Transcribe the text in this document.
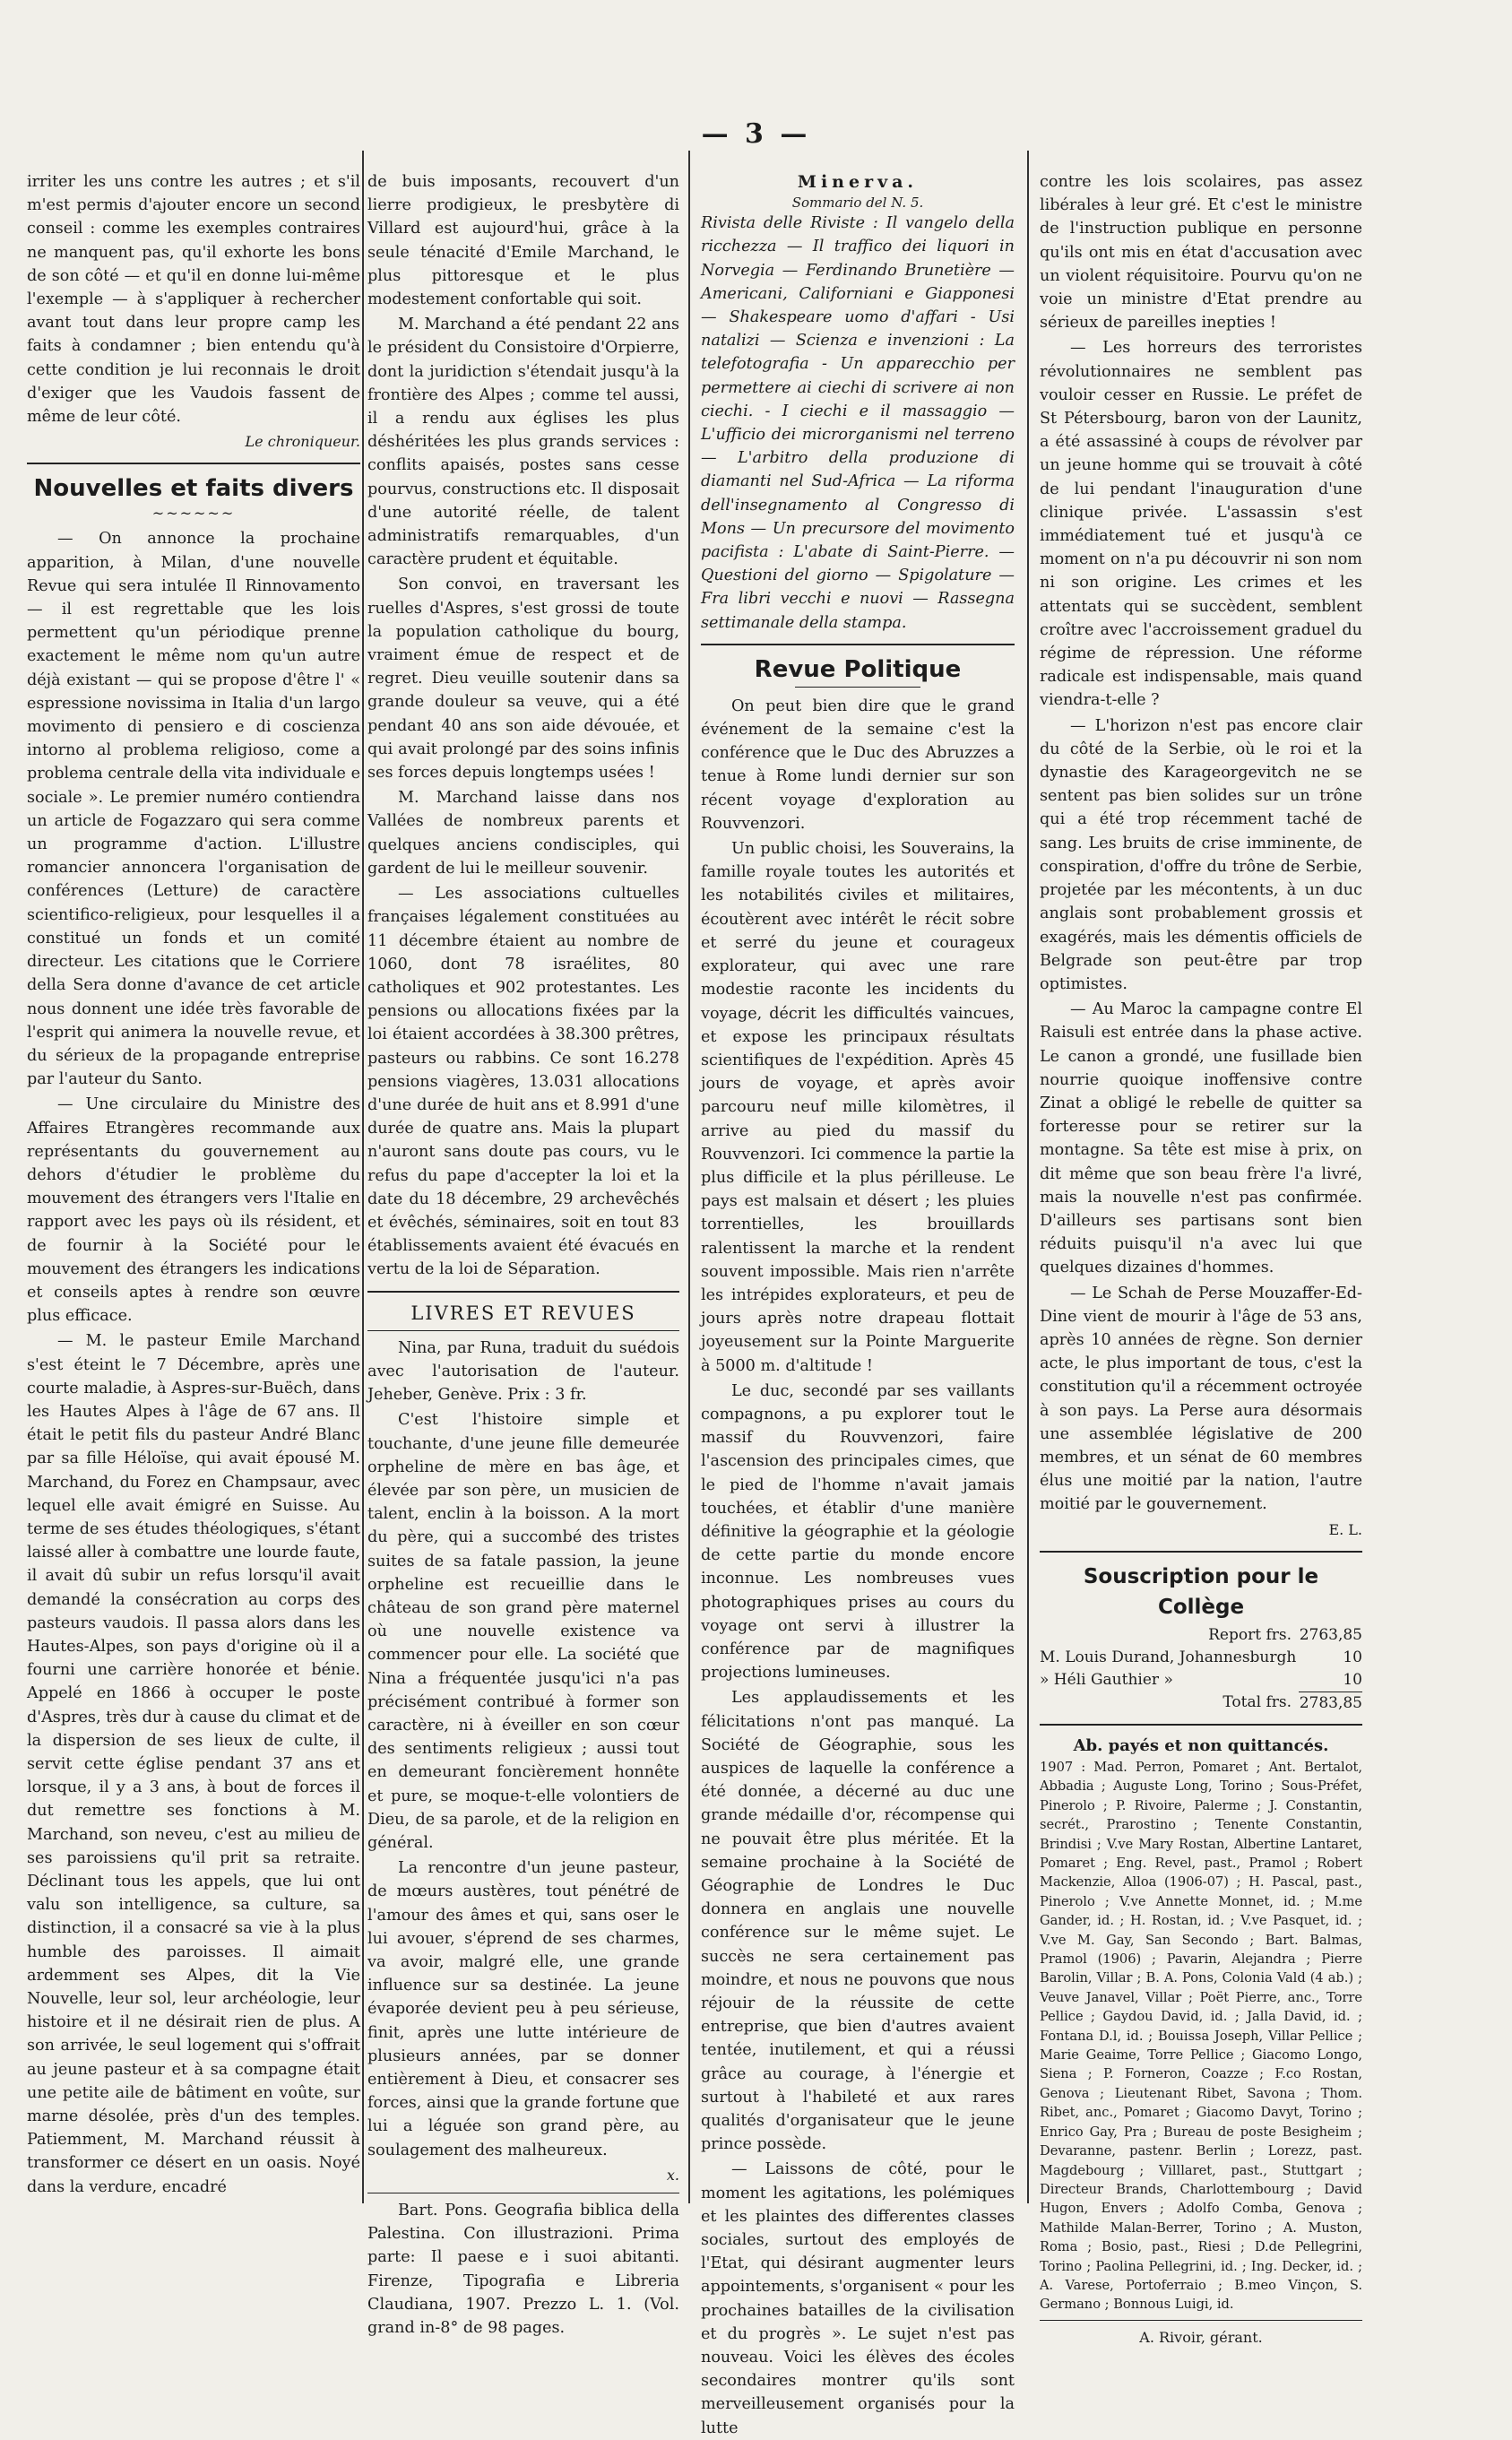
— 3 —

irriter les uns contre les autres ; et s'il m'est permis d'ajouter encore un second conseil : comme les exemples contraires ne manquent pas, qu'il exhorte les bons de son côté — et qu'il en donne lui-même l'exemple — à s'appliquer à rechercher avant tout dans leur propre camp les faits à condamner ; bien entendu qu'à cette condition je lui reconnais le droit d'exiger que les Vaudois fassent de même de leur côté.

Le chroniqueur.
Nouvelles et faits divers
~~~~~~

— On annonce la prochaine apparition, à Milan, d'une nouvelle Revue qui sera intulée Il Rinnovamento — il est regrettable que les lois permettent qu'un périodique prenne exactement le même nom qu'un autre déjà existant — qui se propose d'être l' « espressione novissima in Italia d'un largo movimento di pensiero e di coscienza intorno al problema religioso, come a problema centrale della vita individuale e sociale ». Le premier numéro contiendra un article de Fogazzaro qui sera comme un programme d'action. L'illustre romancier annoncera l'organisation de conférences (Letture) de caractère scientifico-religieux, pour lesquelles il a constitué un fonds et un comité directeur. Les citations que le Corriere della Sera donne d'avance de cet article nous donnent une idée très favorable de l'esprit qui animera la nouvelle revue, et du sérieux de la propagande entreprise par l'auteur du Santo.

— Une circulaire du Ministre des Affaires Etrangères recommande aux représentants du gouvernement au dehors d'étudier le problème du mouvement des étrangers vers l'Italie en rapport avec les pays où ils résident, et de fournir à la Société pour le mouvement des étrangers les indications et conseils aptes à rendre son œuvre plus efficace.

— M. le pasteur Emile Marchand s'est éteint le 7 Décembre, après une courte maladie, à Aspres-sur-Buëch, dans les Hautes Alpes à l'âge de 67 ans. Il était le petit fils du pasteur André Blanc par sa fille Héloïse, qui avait épousé M. Marchand, du Forez en Champsaur, avec lequel elle avait émigré en Suisse. Au terme de ses études théologiques, s'étant laissé aller à combattre une lourde faute, il avait dû subir un refus lorsqu'il avait demandé la consécration au corps des pasteurs vaudois. Il passa alors dans les Hautes-Alpes, son pays d'origine où il a fourni une carrière honorée et bénie. Appelé en 1866 à occuper le poste d'Aspres, très dur à cause du climat et de la dispersion de ses lieux de culte, il servit cette église pendant 37 ans et lorsque, il y a 3 ans, à bout de forces il dut remettre ses fonctions à M. Marchand, son neveu, c'est au milieu de ses paroissiens qu'il prit sa retraite. Déclinant tous les appels, que lui ont valu son intelligence, sa culture, sa distinction, il a consacré sa vie à la plus humble des paroisses. Il aimait ardemment ses Alpes, dit la Vie Nouvelle, leur sol, leur archéologie, leur histoire et il ne désirait rien de plus. A son arrivée, le seul logement qui s'offrait au jeune pasteur et à sa compagne était une petite aile de bâtiment en voûte, sur marne désolée, près d'un des temples. Patiemment, M. Marchand réussit à transformer ce désert en un oasis. Noyé dans la verdure, encadré

de buis imposants, recouvert d'un lierre prodigieux, le presbytère di Villard est aujourd'hui, grâce à la seule ténacité d'Emile Marchand, le plus pittoresque et le plus modestement confortable qui soit.

M. Marchand a été pendant 22 ans le président du Consistoire d'Orpierre, dont la juridiction s'étendait jusqu'à la frontière des Alpes ; comme tel aussi, il a rendu aux églises les plus déshéritées les plus grands services : conflits apaisés, postes sans cesse pourvus, constructions etc. Il disposait d'une autorité réelle, de talent administratifs remarquables, d'un caractère prudent et équitable.

Son convoi, en traversant les ruelles d'Aspres, s'est grossi de toute la population catholique du bourg, vraiment émue de respect et de regret. Dieu veuille soutenir dans sa grande douleur sa veuve, qui a été pendant 40 ans son aide dévouée, et qui avait prolongé par des soins infinis ses forces depuis longtemps usées !

M. Marchand laisse dans nos Vallées de nombreux parents et quelques anciens condisciples, qui gardent de lui le meilleur souvenir.

— Les associations cultuelles françaises légalement constituées au 11 décembre étaient au nombre de 1060, dont 78 israélites, 80 catholiques et 902 protestantes. Les pensions ou allocations fixées par la loi étaient accordées à 38.300 prêtres, pasteurs ou rabbins. Ce sont 16.278 pensions viagères, 13.031 allocations d'une durée de huit ans et 8.991 d'une durée de quatre ans. Mais la plupart n'auront sans doute pas cours, vu le refus du pape d'accepter la loi et la date du 18 décembre, 29 archevêchés et évêchés, séminaires, soit en tout 83 établissements avaient été évacués en vertu de la loi de Séparation.

LIVRES ET REVUES

Nina, par Runa, traduit du suédois avec l'autorisation de l'auteur. Jeheber, Genève. Prix : 3 fr.

C'est l'histoire simple et touchante, d'une jeune fille demeurée orpheline de mère en bas âge, et élevée par son père, un musicien de talent, enclin à la boisson. A la mort du père, qui a succombé des tristes suites de sa fatale passion, la jeune orpheline est recueillie dans le château de son grand père maternel où une nouvelle existence va commencer pour elle. La société que Nina a fréquentée jusqu'ici n'a pas précisément contribué à former son caractère, ni à éveiller en son cœur des sentiments religieux ; aussi tout en demeurant foncièrement honnête et pure, se moque-t-elle volontiers de Dieu, de sa parole, et de la religion en général.

La rencontre d'un jeune pasteur, de mœurs austères, tout pénétré de l'amour des âmes et qui, sans oser le lui avouer, s'éprend de ses charmes, va avoir, malgré elle, une grande influence sur sa destinée. La jeune évaporée devient peu à peu sérieuse, finit, après une lutte intérieure de plusieurs années, par se donner entièrement à Dieu, et consacrer ses forces, ainsi que la grande fortune que lui a léguée son grand père, au soulagement des malheureux.

x.

Bart. Pons. Geografia biblica della Palestina. Con illustrazioni. Prima parte: Il paese e i suoi abitanti. Firenze, Tipografia e Libreria Claudiana, 1907. Prezzo L. 1. (Vol. grand in-8° de 98 pages.

Minerva.
Sommario del N. 5.

Rivista delle Riviste : Il vangelo della ricchezza — Il traffico dei liquori in Norvegia — Ferdinando Brunetière — Americani, Californiani e Giapponesi — Shakespeare uomo d'affari - Usi natalizi — Scienza e invenzioni : La telefotografia - Un apparecchio per permettere ai ciechi di scrivere ai non ciechi. - I ciechi e il massaggio — L'ufficio dei microrganismi nel terreno — L'arbitro della produzione di diamanti nel Sud-Africa — La riforma dell'insegnamento al Congresso di Mons — Un precursore del movimento pacifista : L'abate di Saint-Pierre. — Questioni del giorno — Spigolature — Fra libri vecchi e nuovi — Rassegna settimanale della stampa.

Revue Politique

On peut bien dire que le grand événement de la semaine c'est la conférence que le Duc des Abruzzes a tenue à Rome lundi dernier sur son récent voyage d'exploration au Rouvvenzori.

Un public choisi, les Souverains, la famille royale toutes les autorités et les notabilités civiles et militaires, écoutèrent avec intérêt le récit sobre et serré du jeune et courageux explorateur, qui avec une rare modestie raconte les incidents du voyage, décrit les difficultés vaincues, et expose les principaux résultats scientifiques de l'expédition. Après 45 jours de voyage, et après avoir parcouru neuf mille kilomètres, il arrive au pied du massif du Rouvvenzori. Ici commence la partie la plus difficile et la plus périlleuse. Le pays est malsain et désert ; les pluies torrentielles, les brouillards ralentissent la marche et la rendent souvent impossible. Mais rien n'arrête les intrépides explorateurs, et peu de jours après notre drapeau flottait joyeusement sur la Pointe Marguerite à 5000 m. d'altitude !

Le duc, secondé par ses vaillants compagnons, a pu explorer tout le massif du Rouvvenzori, faire l'ascension des principales cimes, que le pied de l'homme n'avait jamais touchées, et établir d'une manière définitive la géographie et la géologie de cette partie du monde encore inconnue. Les nombreuses vues photographiques prises au cours du voyage ont servi à illustrer la conférence par de magnifiques projections lumineuses.

Les applaudissements et les félicitations n'ont pas manqué. La Société de Géographie, sous les auspices de laquelle la conférence a été donnée, a décerné au duc une grande médaille d'or, récompense qui ne pouvait être plus méritée. Et la semaine prochaine à la Société de Géographie de Londres le Duc donnera en anglais une nouvelle conférence sur le même sujet. Le succès ne sera certainement pas moindre, et nous ne pouvons que nous réjouir de la réussite de cette entreprise, que bien d'autres avaient tentée, inutilement, et qui a réussi grâce au courage, à l'énergie et surtout à l'habileté et aux rares qualités d'organisateur que le jeune prince possède.

— Laissons de côté, pour le moment les agitations, les polémiques et les plaintes des differentes classes sociales, surtout des employés de l'Etat, qui désirant augmenter leurs appointements, s'organisent « pour les prochaines batailles de la civilisation et du progrès ». Le sujet n'est pas nouveau. Voici les élèves des écoles secondaires montrer qu'ils sont merveilleusement organisés pour la lutte

contre les lois scolaires, pas assez libérales à leur gré. Et c'est le ministre de l'instruction publique en personne qu'ils ont mis en état d'accusation avec un violent réquisitoire. Pourvu qu'on ne voie un ministre d'Etat prendre au sérieux de pareilles inepties !

— Les horreurs des terroristes révolutionnaires ne semblent pas vouloir cesser en Russie. Le préfet de St Pétersbourg, baron von der Launitz, a été assassiné à coups de révolver par un jeune homme qui se trouvait à côté de lui pendant l'inauguration d'une clinique privée. L'assassin s'est immédiatement tué et jusqu'à ce moment on n'a pu découvrir ni son nom ni son origine. Les crimes et les attentats qui se succèdent, semblent croître avec l'accroissement graduel du régime de répression. Une réforme radicale est indispensable, mais quand viendra-t-elle ?

— L'horizon n'est pas encore clair du côté de la Serbie, où le roi et la dynastie des Karageorgevitch ne se sentent pas bien solides sur un trône qui a été trop récemment taché de sang. Les bruits de crise imminente, de conspiration, d'offre du trône de Serbie, projetée par les mécontents, à un duc anglais sont probablement grossis et exagérés, mais les démentis officiels de Belgrade son peut-être par trop optimistes.

— Au Maroc la campagne contre El Raisuli est entrée dans la phase active. Le canon a grondé, une fusillade bien nourrie quoique inoffensive contre Zinat a obligé le rebelle de quitter sa forteresse pour se retirer sur la montagne. Sa tête est mise à prix, on dit même que son beau frère l'a livré, mais la nouvelle n'est pas confirmée. D'ailleurs ses partisans sont bien réduits puisqu'il n'a avec lui que quelques dizaines d'hommes.

— Le Schah de Perse Mouzaffer-Ed-Dine vient de mourir à l'âge de 53 ans, après 10 années de règne. Son dernier acte, le plus important de tous, c'est la constitution qu'il a récemment octroyée à son pays. La Perse aura désormais une assemblée législative de 200 membres, et un sénat de 60 membres élus une moitié par la nation, l'autre moitié par le gouvernement.

E. L.
Souscription pour le Collège
Report frs.	2763,85
M. Louis Durand, Johannesburgh	10
» Héli Gauthier »	10
Total frs.	2783,85
Ab. payés et non quittancés.

1907 : Mad. Perron, Pomaret ; Ant. Bertalot, Abbadia ; Auguste Long, Torino ; Sous-Préfet, Pinerolo ; P. Rivoire, Palerme ; J. Constantin, secrét., Prarostino ; Tenente Constantin, Brindisi ; V.ve Mary Rostan, Albertine Lantaret, Pomaret ; Eng. Revel, past., Pramol ; Robert Mackenzie, Alloa (1906-07) ; H. Pascal, past., Pinerolo ; V.ve Annette Monnet, id. ; M.me Gander, id. ; H. Rostan, id. ; V.ve Pasquet, id. ; V.ve M. Gay, San Secondo ; Bart. Balmas, Pramol (1906) ; Pavarin, Alejandra ; Pierre Barolin, Villar ; B. A. Pons, Colonia Vald (4 ab.) ; Veuve Janavel, Villar ; Poët Pierre, anc., Torre Pellice ; Gaydou David, id. ; Jalla David, id. ; Fontana D.l, id. ; Bouissa Joseph, Villar Pellice ; Marie Geaime, Torre Pellice ; Giacomo Longo, Siena ; P. Forneron, Coazze ; F.co Rostan, Genova ; Lieutenant Ribet, Savona ; Thom. Ribet, anc., Pomaret ; Giacomo Davyt, Torino ; Enrico Gay, Pra ; Bureau de poste Besigheim ; Devaranne, pastenr. Berlin ; Lorezz, past. Magdebourg ; Villlaret, past., Stuttgart ; Directeur Brands, Charlottembourg ; David Hugon, Envers ; Adolfo Comba, Genova ; Mathilde Malan-Berrer, Torino ; A. Muston, Roma ; Bosio, past., Riesi ; D.de Pellegrini, Torino ; Paolina Pellegrini, id. ; Ing. Decker, id. ; A. Varese, Portoferraio ; B.meo Vinçon, S. Germano ; Bonnous Luigi, id.

A. Rivoir, gérant.
